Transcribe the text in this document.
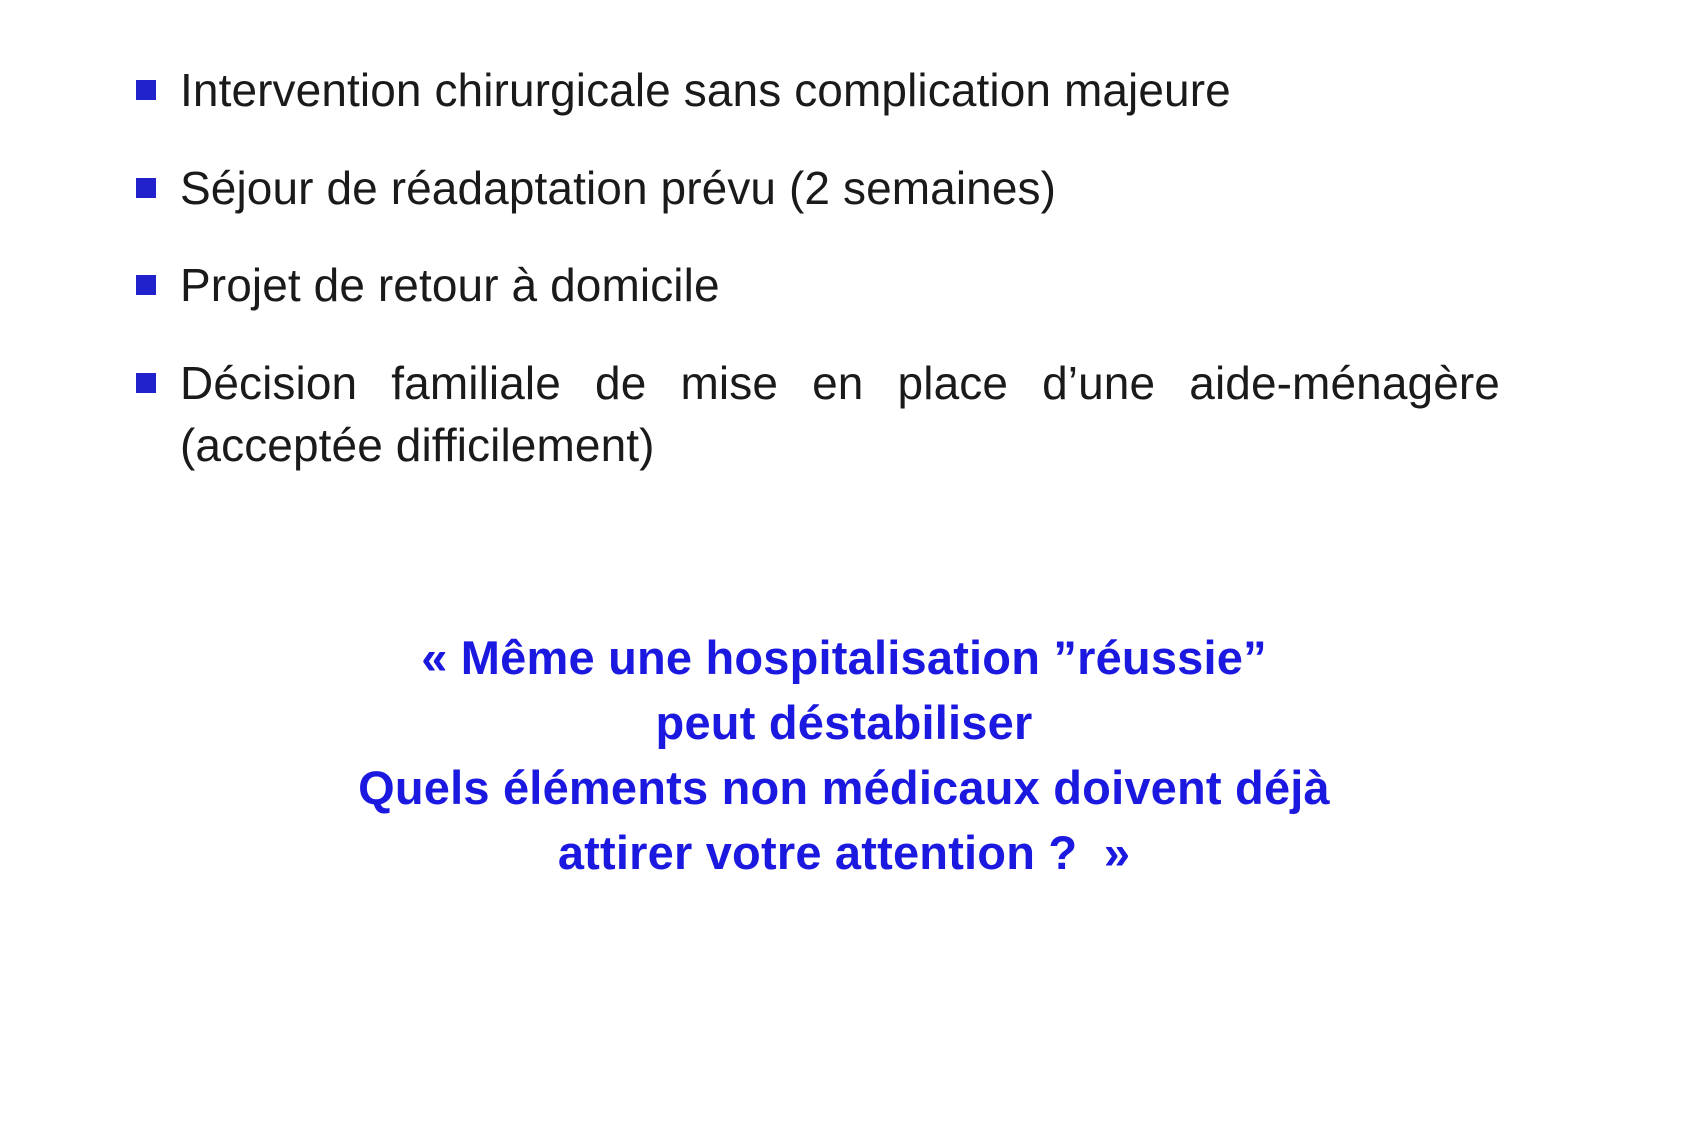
Intervention chirurgicale sans complication majeure
Séjour de réadaptation prévu (2 semaines)
Projet de retour à domicile
Décision familiale de mise en place d’une aide-ménagère (acceptée difficilement)
« Même une hospitalisation ”réussie”
peut déstabiliser
Quels éléments non médicaux doivent déjà
attirer votre attention ?  »
